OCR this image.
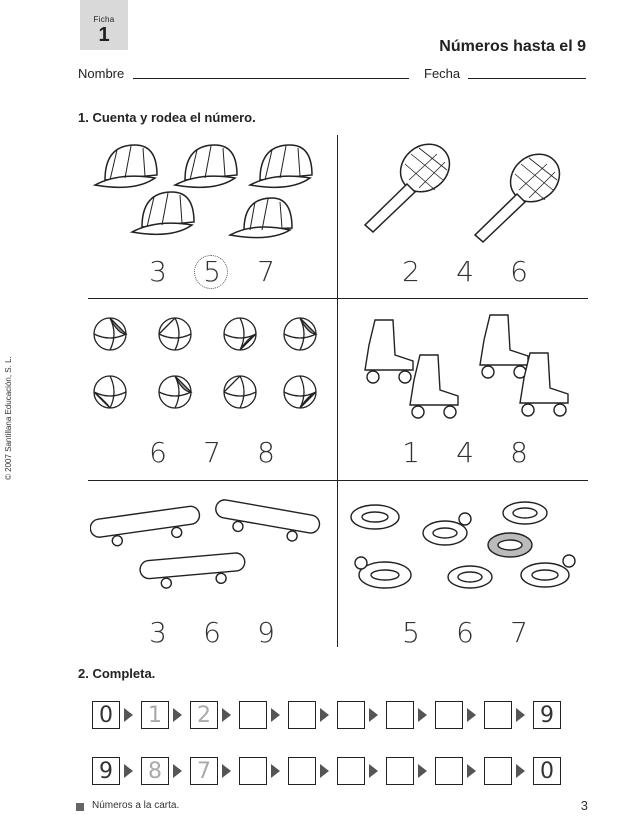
Ficha
1
Números hasta el 9
Nombre	Fecha
© 2007 Santillana Educación, S. L.
1. Cuenta y rodea el número.
3 5 7	2 4 6
6 7 8	1 4 8
3 6 9	5 6 7
2. Completa.
0	1	2	9
9	8	7	0
Números a la carta.	3
